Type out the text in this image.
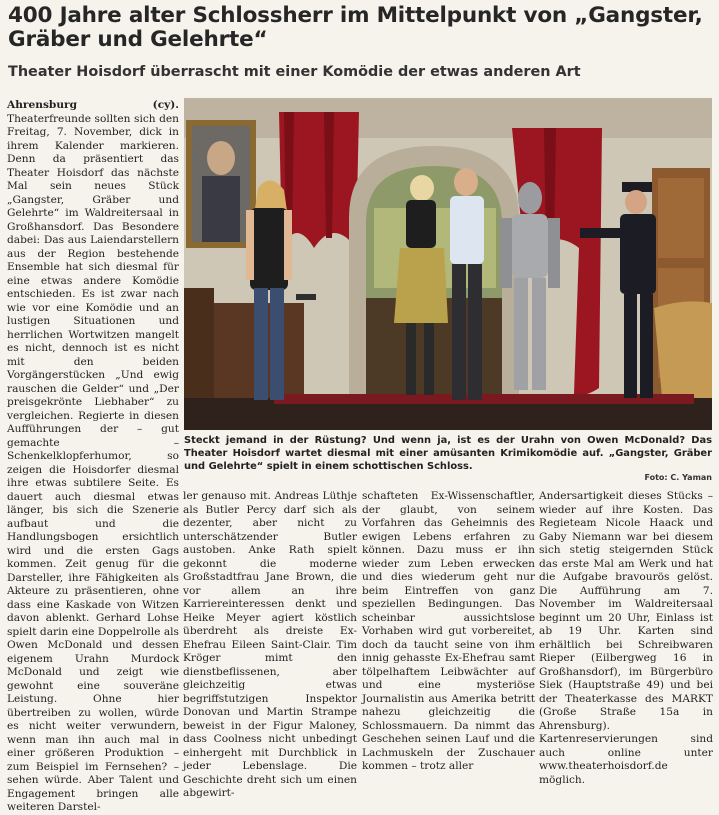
400 Jahre alter Schlossherr im Mittelpunkt von „Gangster, Gräber und Gelehrte“
Theater Hoisdorf überrascht mit einer Komödie der etwas anderen Art
Ahrensburg (cy). Theaterfreunde sollten sich den Freitag, 7. November, dick in ihrem Kalender markieren. Denn da präsentiert das Theater Hoisdorf das nächste Mal sein neues Stück „Gangster, Gräber und Gelehrte“ im Waldreitersaal in Großhansdorf. Das Besondere dabei: Das aus Laiendarstellern aus der Region bestehende Ensemble hat sich diesmal für eine etwas andere Komödie entschieden. Es ist zwar nach wie vor eine Komödie und an lustigen Situationen und herrlichen Wortwitzen mangelt es nicht, dennoch ist es nicht mit den beiden Vorgängerstücken „Und ewig rauschen die Gelder“ und „Der preisgekrönte Liebhaber“ zu vergleichen. Regierte in diesen Aufführungen der – gut gemachte – Schenkelklopferhumor, so zeigen die Hoisdorfer diesmal ihre etwas subtilere Seite. Es dauert auch diesmal etwas länger, bis sich die Szenerie aufbaut und die Handlungsbogen ersichtlich wird und die ersten Gags kommen. Zeit genug für die Darsteller, ihre Fähigkeiten als Akteure zu präsentieren, ohne dass eine Kaskade von Witzen davon ablenkt. Gerhard Lohse spielt darin eine Doppelrolle als Owen McDonald und dessen eigenem Urahn Murdock McDonald und zeigt wie gewohnt eine souveräne Leistung. Ohne hier übertreiben zu wollen, würde es nicht weiter verwundern, wenn man ihn auch mal in einer größeren Produktion – zum Beispiel im Fernsehen? – sehen würde. Aber Talent und Engagement bringen alle weiteren Darstel-
Steckt jemand in der Rüstung? Und wenn ja, ist es der Urahn von Owen McDonald? Das Theater Hoisdorf wartet diesmal mit einer amüsanten Krimikomödie auf. „Gangster, Gräber und Gelehrte“ spielt in einem schottischen Schloss.
Foto: C. Yaman
ler genauso mit. Andreas Lüthje als Butler Percy darf sich als dezenter, aber nicht zu unterschätzender Butler austoben. Anke Rath spielt gekonnt die moderne Großstadtfrau Jane Brown, die vor allem an ihre Karriereinteressen denkt und Heike Meyer agiert köstlich überdreht als dreiste Ex-Ehefrau Eileen Saint-Clair. Tim Kröger mimt den dienstbeflissenen, aber gleichzeitig etwas begriffstutzigen Inspektor Donovan und Martin Strampe beweist in der Figur Maloney, dass Coolness nicht unbedingt einhergeht mit Durchblick in jeder Lebenslage. Die Geschichte dreht sich um einen abgewirt-
schafteten Ex-Wissenschaftler, der glaubt, von seinem Vorfahren das Geheimnis des ewigen Lebens erfahren zu können. Dazu muss er ihn wieder zum Leben erwecken und dies wiederum geht nur beim Eintreffen von ganz speziellen Bedingungen. Das scheinbar aussichtslose Vorhaben wird gut vorbereitet, doch da taucht seine von ihm innig gehasste Ex-Ehefrau samt tölpelhaftem Leibwächter auf und eine mysteriöse Journalistin aus Amerika betritt nahezu gleichzeitig die Schlossmauern. Da nimmt das Geschehen seinen Lauf und die Lachmuskeln der Zuschauer kommen – trotz aller
Andersartigkeit dieses Stücks – wieder auf ihre Kosten. Das Regieteam Nicole Haack und Gaby Niemann war bei diesem sich stetig steigernden Stück das erste Mal am Werk und hat die Aufgabe bravourös gelöst. Die Aufführung am 7. November im Waldreitersaal beginnt um 20 Uhr, Einlass ist ab 19 Uhr. Karten sind erhältlich bei Schreibwaren Rieper (Eilbergweg 16 in Großhansdorf), im Bürgerbüro Siek (Hauptstraße 49) und bei der Theaterkasse des MARKT (Große Straße 15a in Ahrensburg). Kartenreservierungen sind auch online unter www.theaterhoisdorf.de möglich.
